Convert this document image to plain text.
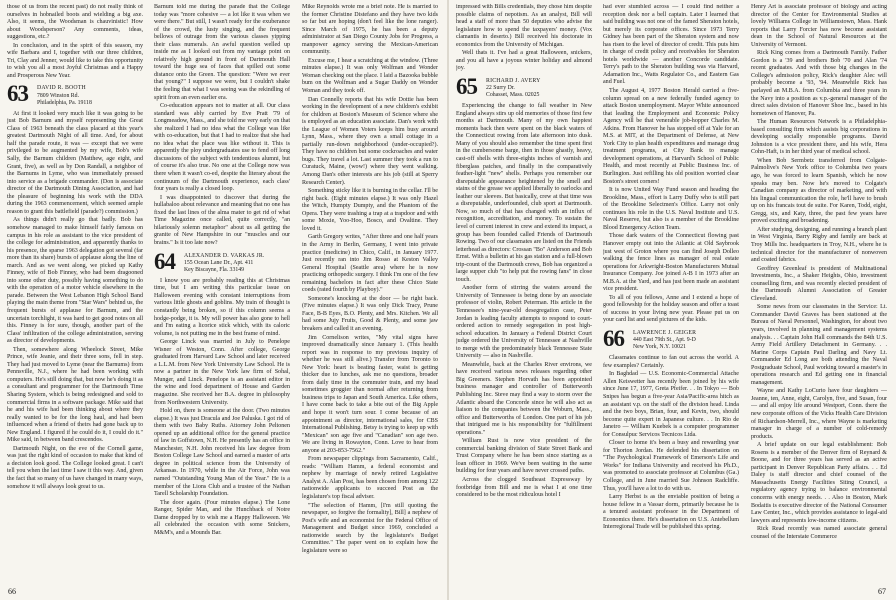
those of us from the recent past) do not really think of ourselves in hobnailed boots and wielding a big axe. Also, it seems, the Woodsman is chauvinistic! How about Woodsperson? Any comments, ideas, suggestions, etc.?

In conclusion, and in the spirit of this season, my wife Barbara and I, together with our three children, Tri, Clay and Jenner, would like to take this opportunity to wish you all a most Joyful Christmas and a Happy and Prosperous New Year.

63	DAVID R. BOOTH
7809 Winston Rd.
Philadelphia, Pa. 19118

At first it looked very much like it was going to be just Bob Barnum and myself representing the Great Class of 1963 beneath the class placard at this year's greatest Dartmouth Night of all time. And, for about half the parade route, it was — except that we were privileged to be augmented by my wife, Bob's wife Sally, the Barnum children (Matthew, age eight, and Grant, five), as well as by Don Randall, a neighbor of the Barnums in Lyme, who was immediately pressed into service as a brigade commander. (Don is associate director of the Dartmouth Dining Association, and had the pleasure of beginning his work with the DDA during the 1963 commencement, which seemed ample reason to grant this battlefield (parade?) commission.)

As things didn't really go that badly. Bob has somehow managed to make himself fairly famous on campus in his role as assistant to the vice president of the college for administration, and apparently thanks to his presence, the sparse 1963 delegation got several (far more than its share) bursts of applause along the line of march. And as we went along, we picked up Kathy Finney, wife of Bob Finney, who had been dragooned into some other duty, possibly having something to do with the operation of a motor vehicle elsewhere in the parade. Between the West Lebanon High School Band playing the main theme from "Star Wars" behind us, the frequent bursts of applause for Barnum, and the uncertain torchlight, it was hard to get good notes on all this. Finney is for sure, though, another part of the Class' infiltration of the college administration, serving as director of developments.

Then, somewhere along Wheelock Street, Mike Prince, wife Jeanie, and their three sons, fell in step. They had just moved to Lyme (near the Barnums) from Pennsville, N.J., where he had been working with computers. He's still doing that, but now he's doing it as a consultant and programmer for the Dartmouth Time Sharing System, which is being redesigned and sold to commercial firms in a software package. Mike said that he and his wife had been thinking about where they really wanted to be for the long haul, and had been influenced when a friend of theirs had gone back up to New England. I figured if he could do it, I could do it." Mike said, in between band crescendos.

Dartmouth Night, on the eve of the Cornell game, was just the right kind of occasion to make that kind of a decision look good. The College looked great. I can't tell you when the last time I saw it this way. And, given the fact that so many of us have changed in many ways, somehow it will always look great to us.

Barnum told me during the parade that the College today was "more cohesive — a lot like it was when we were there." But still, I wasn't ready for the exuberance of the crowd, the lusty singing, and the frequent bellows of outrage from the various classes yipping their class numerals. An awful question welled up inside me as I looked out from my vantage point on relatively high ground in front of Dartmouth Hall toward the huge sea of faces that spilled out some distance onto the Green. The question: "Were we ever that young?" I suppose we were, but I couldn't shake the feeling that what I was seeing was the rekindling of spirit from an even earlier era.

Co-education appears not to matter at all. Our class standard was ably carried by Eve Pratt '79 of Longmeadow, Mass., and she told me very early on that she realized I had no idea what the College was like with co-education, but that I had to realize that she had no idea what the place was like without it. This is apparently the ploy undergraduates use to fend off long discussions of the subject with tendentious alumni, but of course it's also true. No one at the College now was there when it wasn't co-ed, despite the literary about the continuum of the Dartmouth experience, each class' four years is really a closed loop.

I was disappointed to discover that during the hullabaloo about relevance and meaning that no one has fixed the last lines of the alma mater to get rid of what Time Magazine once called, quite correctly, "an hilariously solemn metaphor" about us all getting the granite of New Hampshire in our "muscles and our brains." Is it too late now?

64	ALEXANDER D. VARKAS JR.
155 Ocean Lane Dr., Apt. 411
Key Biscayne, Fla. 33149

I know you are probably reading this at Christmas time, but I am writing this particular issue on Halloween evening with constant interruptions from various little ghosts and goblins. My train of thought is constantly being broken, so if this column seems a hodge-podge, it is. My will power has also gone to hell and I'm eating a licorice stick which, with its caloric volume, is not putting me in the best frame of mind.

George Linck was married in July to Penelope Wisner of Weston, Conn. After college, George graduated from Harvard Law School and later received a L.L.M. from New York University Law School. He is now a partner in the New York law firm of Sohal, Munger, and Linck. Penelope is an assistant editor in the wine and food department of House and Garden magazine. She received her B.A. degree in philosophy from Northwestern University.

Hold on, there is someone at the door. (Two minutes elapse.) It was just Dracula and Joe Paluska. I got rid of them with two Baby Ruths. Attorney John Peltonen opened up an additional office for the general practice of law in Goffstown, N.H. He presently has an office in Manchester, N.H. John received his law degree from Boston College Law School and earned a master of arts degree in political science from the University of Arkansas. In 1970, while in the Air Force, John was named "Outstanding Young Man of the Year." He is a member of the Lions Club and a trustee of the Nathan Tarell Scholarship Foundation.

The door again. (Four minutes elapse.) The Lone Ranger, Spider Man, and the Hunchback of Notre Dame dropped by to wish me a Happy Halloween. We all celebrated the occasion with some Snickers, M&M's, and a Mounds Bar.

Mike Reynolds wrote me a brief note. He is married to the former Christine Distefano and they have two kids so far but are hoping (don't feel like the lone ranger). Since March of 1975, he has been a deputy administrator at San Diego County Jobs for Progress, a manpower agency serving the Mexican-American community.

Excuse me, I hear a scratching at the window. (Three minutes elapse.) It was only Wolfman and Wonder Woman checking out the place. I laid a Bazooka bubble bum on the Wolfman and a Sugar Daddy on Wonder Woman and they took off.

Dan Connelly reports that his wife Dottie has been working in the development of a new children's exhibit for children at Boston's Museum of Science where she is employed as an education associate. Dan's work with the League of Women Voters keeps him busy around Lynn, Mass., where they own a small cottage in a partially run-down neighborhood (under-occupied?). They have no children but some cockroaches and water bugs. They travel a lot. Last summer they took a run to Curatuck, Maine, (wow!) where they went walking. Among Dan's other interests are his job (still at Sperry Research Center).

Something sticky like it is burning in the cellar. I'll be right back. (Eight minutes elapse.) It was only Hazel the Witch, Humpty Dumpty, and the Phantom of the Opera. They were trashing a trap at a trapdoor and with some Moxie, Yoo-Hoo, Bosco, and Ovaltine. They loved it.

Garth Gregory writes, "After three and one half years in the Army in Berlin, Germany, I went into private practice (medicine) in Chico, Calif., in January 1977. Just recently ran into Jim Rosso at Keston Valley General Hospital (Seattle area) where he is now practicing orthopedic surgery. I think I'm one of the few remaining bachelors in fact after these Chico State coeds (rated fourth by Playboy)."

Someone's knocking at the door — be right back. (Five minutes elapse.) It was only Dick Tracy, Prune Face, B-B Eyes, B.O. Plenty, and Mrs. Kitchen. We all had some Jujy Fruits, Good & Plenty, and some jaw breakers and called it an evening.

Jim Cornelison writes, "My vital signs have improved dramatically since January 1. (This health report was in response to my previous inquiry of whether he was still alive.) Transfer from Toronto to New York: heart is beating faster, waist is getting thicker due to lunches, ask me no questions, broader from daily time in the commuter train, and my head sometimes groggier than normal after returning from business trips to Japan and South America. Like others, I have come back to take a bite out of the Big Apple and hope it won't turn sour. I come because of an appointment as director, international sales, for CBS International Publishing. Betsy is trying to keep up with "Mexican" son age five and "Canadian" son age two. We are living in Rowayton, Conn. Love to hear from anyone at 203-853-7562."

From newspaper clippings from Sacramento, Calif., reads: "William Hamm, a federal economist and nephew by marriage of newly retired Legislative Analyst A. Alan Post, has been chosen from among 122 nationwide applicants to succeed Post as the legislature's top fiscal adviser.

"The selection of Hamm, [I'm still quoting the newspaper, so forgive the formality], Bill] a nephew of Post's wife and an economist for the Federal Office of Management and Budget since 1969, concluded a nationwide search by the legislature's Budget Committee." The paper went on to explain how the legislature were so

66

impressed with Bills credentials, they chose him despite possible claims of nepotism. As an analyst, Bill will head a staff of more than 50 deputies who advise the legislature how to spend the taxpayers' money. (Vox clamantis in deserto.) Bill received his doctorate in economics from the University of Michigan.

Well thats it. I've had a great Halloween, snickers, and you all have a joyous winter holiday and almond joy.

65	RICHARD J. AVERY
22 Surry Dr.
Cohasset, Mass. 02025

Experiencing the change to fall weather in New England always stirs up old memories of those first few months at Dartmouth. Many of my own happiest moments back then were spent on the black waters of the Connecticut rowing from late afternoon into dusk. Many of you should also remember the time spent first in the cumbersome barge, then in those ghastly, heavy, cast-off shells with three-eights inches of varnish and fiberglass patches, and finally in the comparatively feather-light "new" shells. Perhaps you remember our disreputable appearance heightened by the smell and stains of the grease we applied liberally to oarlocks and leather our sleeves. But basically, crew at that time was a disreputable, underfounded, club sport at Dartmouth. Now, so much of that has changed with an influx of recognition, accreditation, and money. To sustain the level of current interest in crew and extend its impact, a group has been founded called Friends of Dartmouth Rowing. Two of our classmates are listed on the Friends letterhead as directors: Crossan "Bo" Anderson and Bob Ernst. With a bulletin at his gas station and a full-blown trip-count of the Dartmouth crews, Bob has organized a large supper club "to help put the rowing fans" in close touch.

Another form of stirring the waters around the University of Tennessee is being done by an associate professor of violin, Robert Peterman. His article in the Tennessee's nine-year-old desegregation case, Peter Jordan is leading faculty attempts to respond to court-ordered action to remedy segregation in post high-school education. In January a Federal District Court judge ordered the University of Tennessee at Nashville to merge with the predominately black Tennessee State University — also in Nashville.

Meanwhile, back at the Charles River environs, we have received various news releases regarding other Big Greeners. Stephen Horvath has been appointed business manager and controller of Butterworth Publishing Inc. Steve may find a way to storm over the Atlantic aboard the Concorde since he will also act as liaison to the companies between the Woburn, Mass., office and Butterworths of London. One part of his job that intrigued me is his responsibility for "fulfillment operations."

William Rust is now vice president of the commercial banking division of State Street Bank and Trust Company where he has been since starting as a loan officer in 1969. We've been waiting in the same building for four years and have never crossed paths.

Across the clogged Southeast Expressway by footbridge from Bill and me is what I at one time considered to be the most ridiculous hotel I

had ever stumbled across — I could find neither a reception desk nor a bell captain. Later I learned that said building was not one of the famed Sheraton hotels, but merely its corporate offices. Since 1973 Terry Gidney has been part of the Sheraton system and now has risen to the level of director of credit. This puts him in charge of credit policy and receivables for Sheraton hotels worldwide — another Concorde candidate. Terry's path to the Sheraton building was via Harvard, Adamation Inc., Watts Regulator Co., and Eastern Gas and Fuel.

The August 4, 1977 Boston Herald carried a five-column spread on a new federally funded agency to attack Boston unemployment. Mayor White announced that leading the Employment and Economic Policy Agency will be that venerable job-hopper Charles M. Atkins. From Hanover he has stopped off at Yale for an M.S. at MIT, at the Department of Defense, at New York City to plan health expenditures and manage drug treatment programs, at City Bank to manage development operations, at Harvard's School of Public Health, and most recently at Public Business Inc. of Burlington. Just refilling his old position worried clear Boston's street corners!

It is now United Way Fund season and heading the Brookline, Mass., effort is Larry Duffy who is still part of the Brookline Selectmen's Office. Larry not only continues his role in the U.S. Naval Institute and U.S. Naval Reserve, but also is a member of the Brookline Blood Emergency Action Team.

Those dark waters of the Connecticut flowing past Hanover empty out into the Atlantic at Old Saybrook just west of Groton where you can find Joseph Dolleo walking the fence lines as manager of real estate operations for Arkwright-Boston Manufacturers Mutual Insurance Company. Joe joined A-B I in 1973 after an M.B.A. at the Yard, and has just been made an assistant vice president.

To all of you fellows, Anne and I extend a hope of good fellowship for the holiday season and offer a toast of success in your living new year. Please put us on your card list and send pictures of the kids.

66	LAWRENCE J. GEIGER
440 East 79th St., Apt. 9-D
New York, N.Y. 10021

Classmates continue to fan out across the world. A few examples? Certainly.

In Baghdad — U.S. Economic-Commercial Attache Allen Keiswetter has recently been joined by his wife since June 17, 1977, Greta Pfeifer. . . In Tokyo — Bob Snipes has begun a five-year Asia/Pacific-area hitch as an assistant v.p. on the staff of the division head. Linda and the two boys, Brian, four, and Kevin, two, should become quite expert in Japanese culture. . . In Rio de Janeiro — William Kuebek is a computer programmer for Consulpuc Servicos Tecnicos Ltda.

Closer to home it's been a busy and rewarding year for Thorton Jordan. He defended his dissertation on "The Psychological Framework of Emerson's Life and Works" for Indiana University and received his Ph.D., was promoted to associate professor at Columbus (Ga.) College, and in June married Sue Johnson Radcliffe. Thus, you'll have a lot to do with us.

Larry Herbst is as the enviable position of being a house fellow in a Vassar dorm, primarily because he is a tenured assistant professor in the Department of Economics there. He's dissertation on U.S. Antebellum Interregional Trade will be published this spring.

Henry Art is associate professor of biology and acting director of the Center for Environmental Studies at lovely Williams College in Williamstown, Mass. Hank reports that Larry Forcier has now become assistant dean in the School of Natural Resources at the University of Vermont.

Rick King comes from a Dartmouth Family. Father Gordon is a '39 and brothers Bob '70 and Alan '74 recent graduates. And with those big changes in the College's admission policy, Rick's daughter Alec will probably become a '93, '94. Meanwhile Rick has parlayed an M.B.A. from Columbia and three years in the Navy into a position as v.p.-general manager of the direct sales division of Hanover Shoe Inc., based in his hometown of Hanover, Pa.

The Human Resources Network is a Philadelphia-based consulting firm which assists big corporations in developing socially responsible programs. David Johnston is a vice president there, and his wife, Hera Cohn-Haft, is in her third year of medical school.

When Bob Sermbetz transferred from Colgate-Palmolive's New York office to Columbia two years ago, he was forced to learn Spanish, which he now speaks may ben. Now he's moved to Colgate's Canadian company as director of marketing, and with his lingual communication the role, he'll have to brush up on his francais tout de suite. For Karen, Todd, eight, Gregg, six, and Katy, three, the past few years have proved exciting and broadening.

After studying, designing, and running a branch plant in West Virginia, Barry Rigby and family are back at Troy Mills Inc. headquarters in Troy, N.H., where he is technical director for the manufacturer of nonwoven and coated fabrics.

Geoffrey Greenleaf is president of Multinational Investments, Inc., a Shaker Heights, Ohio, investment counselling firm, and was recently elected president of the Dartmouth Alumni Association of Greater Cleveland.

Some news from our classmates in the Service: Lt. Commander David Graves has been stationed at the Bureau of Naval Personnel, Washington, for about two years, involved in planning and management systems analysis. . . Captain John Hall commands the 84th U.S. Army Field Artillery Detachment in Germany. . . Marine Corps Captain Paul Darling and Navy Lt. Commander Ed Long are both attending the Naval Postgraduate School, Paul working toward a master's in operations research and Ed getting one in financial management.

Wayne and Kathy LoCurto have four daughters — Jeanne, ten, Anne, eight, Carolyn, five, and Susan, four — and all enjoy life around Westport, Conn. there the new corporate offices of the Vicks Health Care Division of Richardson-Merrell, Inc., where Wayne is marketing manager in charge of a number of cold-remedy products.

A brief update on our legal establishment: Bob Rosens is a member of the Denver firm of Reynard & Boone, and for three years has served as an active participant in Denver Republican Party affairs. . . Ed Daley is staff director and chief counsel of the Massachusetts Energy Facilities Siting Council, a regulatory agency trying to balance environmental concerns with energy needs. . . Also in Boston, Mark Bodaitis is executive director of the National Consumer Law Center, Inc., which provides assistance to legal-aid lawyers and represents low-income citizens.

Rick Read recently was named associate general counsel of the Interstate Commerce

67
